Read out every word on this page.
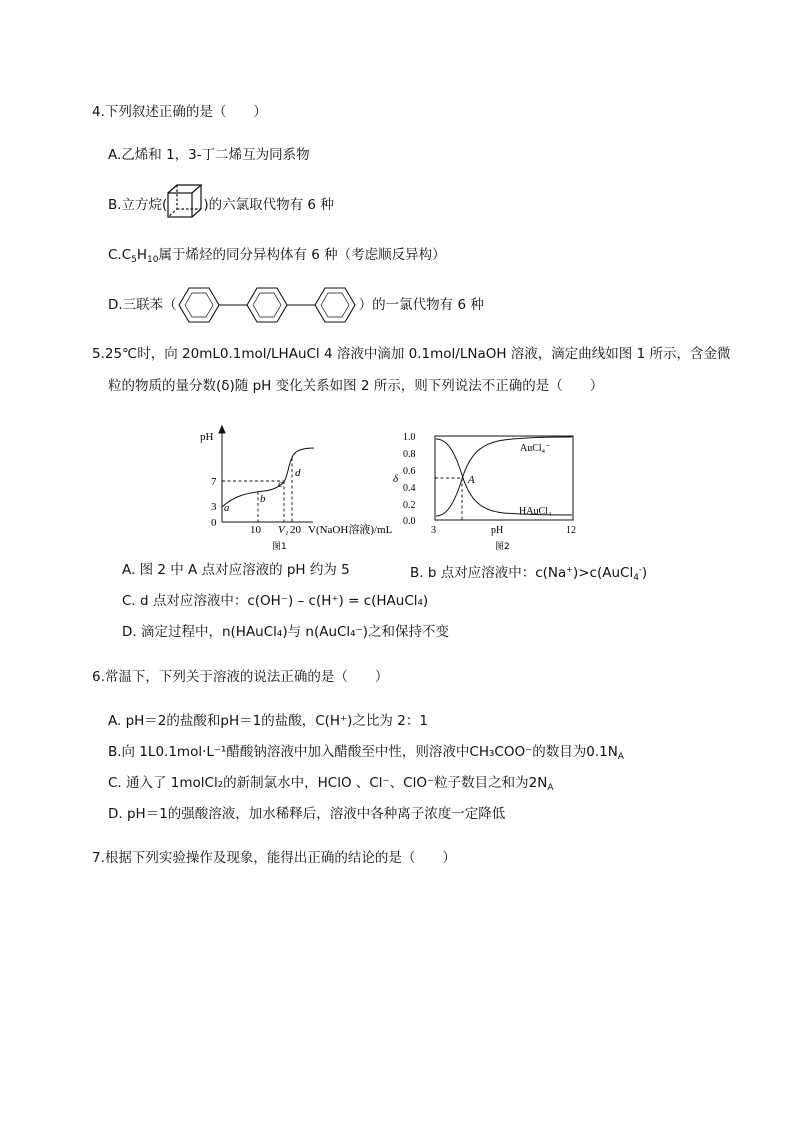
4.下列叙述正确的是（　　）
A.乙烯和 1，3-丁二烯互为同系物
B.立方烷(	)的六氯取代物有 6 种
$C.C_5H_{10}$属于烯烃的同分异构体有 6 种（考虑顺反异构）
D.三联苯（	）的一氯代物有 6 种
5.25℃时，向 20mL0.1mol/LHAuCl 4 溶液中滴加 0.1mol/LNaOH 溶液，滴定曲线如图 1 所示，含金微
粒的物质的量分数(δ)随 pH 变化关系如图 2 所示，则下列说法不正确的是（　　）
pH
7
3
0
a
b
c
d
10 V₁ 20 V(NaOH溶液)/mL
图1
1.0
0.8
0.6
0.4
0.2
0.0
δ	A
AuCl₄⁻
HAuCl₄
3	pH	12
图2
A. 图 2 中 A 点对应溶液的 pH 约为 5	B. b 点对应溶液中：c(Na+)>c(AuCl$_4$-)
C. d 点对应溶液中：c(OH⁻) – c(H⁺) = c(HAuCl₄)
D. 滴定过程中，n(HAuCl₄)与 n(AuCl₄⁻)之和保持不变
6.常温下，下列关于溶液的说法正确的是（　　）
A. pH＝2的盐酸和pH＝1的盐酸，C(H⁺)之比为 2：1
B.向 1L0.1mol·L⁻¹醋酸钠溶液中加入醋酸至中性，则溶液中CH₃COO⁻的数目为$0.1N_A$
C. 通入了 1molCl₂的新制氯水中，HClO 、Cl⁻、ClO⁻粒子数目之和为$2N_A$
D. pH＝1的强酸溶液，加水稀释后，溶液中各种离子浓度一定降低
7.根据下列实验操作及现象，能得出正确的结论的是（　　）
